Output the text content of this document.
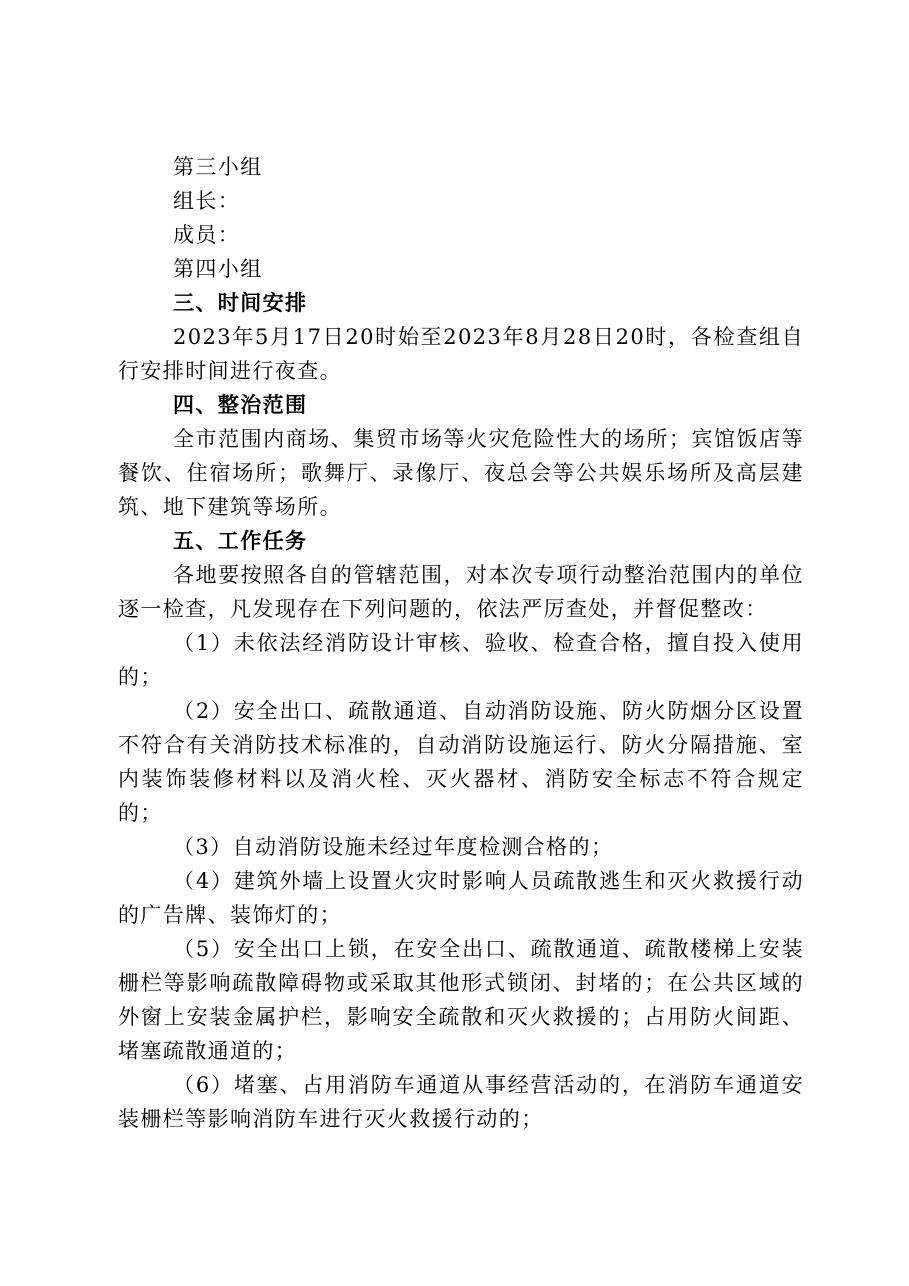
第三小组

组长：

成员：

第四小组

三、时间安排

2023年5月17日20时始至2023年8月28日20时，各检查组自行安排时间进行夜查。

四、整治范围

全市范围内商场、集贸市场等火灾危险性大的场所；宾馆饭店等餐饮、住宿场所；歌舞厅、录像厅、夜总会等公共娱乐场所及高层建筑、地下建筑等场所。

五、工作任务

各地要按照各自的管辖范围，对本次专项行动整治范围内的单位逐一检查，凡发现存在下列问题的，依法严厉查处，并督促整改：

（1）未依法经消防设计审核、验收、检查合格，擅自投入使用的；

（2）安全出口、疏散通道、自动消防设施、防火防烟分区设置不符合有关消防技术标准的，自动消防设施运行、防火分隔措施、室内装饰装修材料以及消火栓、灭火器材、消防安全标志不符合规定的；

（3）自动消防设施未经过年度检测合格的；

（4）建筑外墙上设置火灾时影响人员疏散逃生和灭火救援行动的广告牌、装饰灯的；

（5）安全出口上锁，在安全出口、疏散通道、疏散楼梯上安装栅栏等影响疏散障碍物或采取其他形式锁闭、封堵的；在公共区域的外窗上安装金属护栏，影响安全疏散和灭火救援的；占用防火间距、堵塞疏散通道的；

（6）堵塞、占用消防车通道从事经营活动的，在消防车通道安装栅栏等影响消防车进行灭火救援行动的；
